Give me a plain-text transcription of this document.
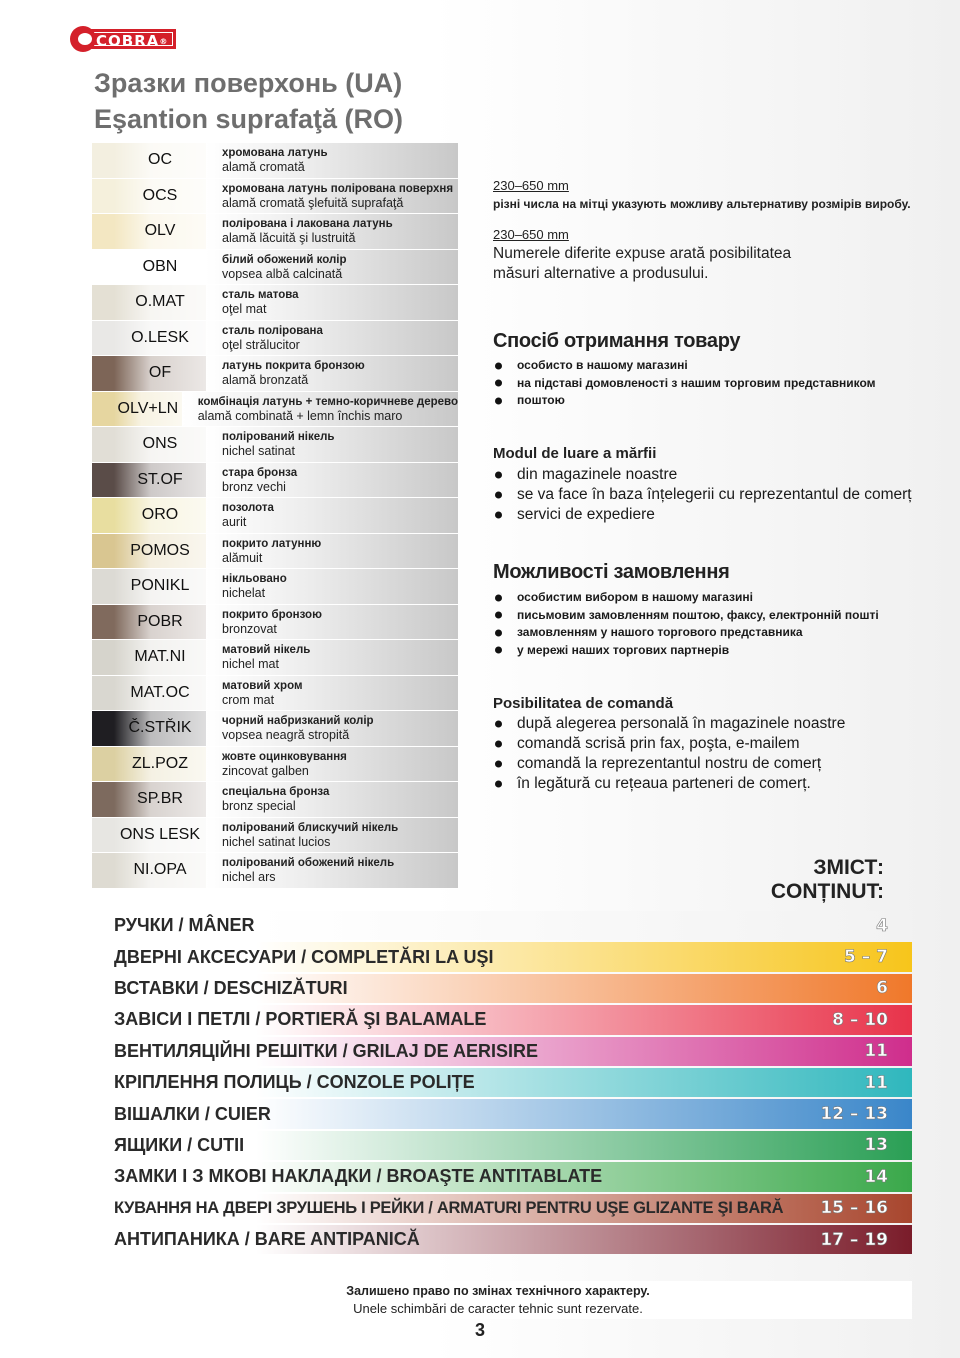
COBRA®
Зразки поверхонь (UA)
Eşantion suprafaţă (RO)
OC	хромована латунь
alamă cromată
OCS	хромована латунь полірована поверхня
alamă cromată şlefuită suprafaţă
OLV	полірована і лакована латунь
alamă lăcuită şi lustruită
OBN	білий обожений колір
vopsea albă calcinată
O.MAT	сталь матова
oţel mat
O.LESK	сталь полірована
oţel strălucitor
OF	латунь покрита бронзою
alamă bronzată
OLV+LN	комбінація латунь + темно-коричневе дерево
alamă combinată + lemn închis maro
ONS	полірований нікель
nichel satinat
ST.OF	стара бронза
bronz vechi
ORO	позолота
aurit
POMOS	покрито латунню
alămuit
PONIKL	нікльовано
nichelat
POBR	покрито бронзою
bronzovat
MAT.NI	матовий нікель
nichel mat
MAT.OC	матовий хром
crom mat
Č.STŘIK	чорний набризканий колір
vopsea neagră stropită
ZL.POZ	жовте оцинковування
zincovat galben
SP.BR	спеціальна бронза
bronz special
ONS LESK	полірований блискучий нікель
nichel satinat lucios
NI.OPA	полірований обожений нікель
nichel ars
230–650 mm
різні числа на мітці указують можливу альтернативу розмірів виробу.
230–650 mm
Numerele diferite expuse arată posibilitatea
măsuri alternative a produsului.
Спосіб отримання товару
особисто в нашому магазині
на підставі домовленості з нашим торговим представником
поштою
Modul de luare a mărfii
din magazinele noastre
se va face în baza înțelegerii cu reprezentantul de comerț
servici de expediere
Можливості замовлення
особистим вибором в нашому магазині
письмовим замовленням поштою, факсу, електронній пошті
замовленням у нашого торгового представника
у мережі наших торгових партнерів
Posibilitatea de comandă
după alegerea personală în magazinele noastre
comandă scrisă prin fax, poşta, e-mailem
comandă la reprezentantul nostru de comerț
în legătură cu rețeaua parteneri de comerț.
ЗМІСТ:
CONȚINUT:
РУЧКИ / MÂNER	4
ДВЕРНІ АКСЕСУАРИ / COMPLETĂRI LA UŞI	5 – 7
ВСТАВКИ / DESCHIZĂTURI	6
ЗАВІСИ І ПЕТЛІ / PORTIERĂ ŞI BALAMALE	8 – 10
ВЕНТИЛЯЦІЙНІ РЕШІТКИ / GRILAJ DE AERISIRE	11
КРІПЛЕННЯ ПОЛИЦЬ / CONZOLE POLIȚE	11
ВІШАЛКИ / CUIER	12 – 13
ЯЩИКИ / CUTII	13
ЗАМКИ І З МКОВІ НАКЛАДКИ / BROAŞTE ANTITABLATE	14
КУВАННЯ НА ДВЕРІ ЗРУШЕНЬ І РЕЙКИ / ARMATURI PENTRU UŞE GLIZANTE ŞI BARĂ 15 – 16
АНТИПАНИКА / BARE ANTIPANICĂ	17 – 19
Залишено право по змінах технічного характеру.
Unele schimbări de caracter tehnic sunt rezervate.
3
